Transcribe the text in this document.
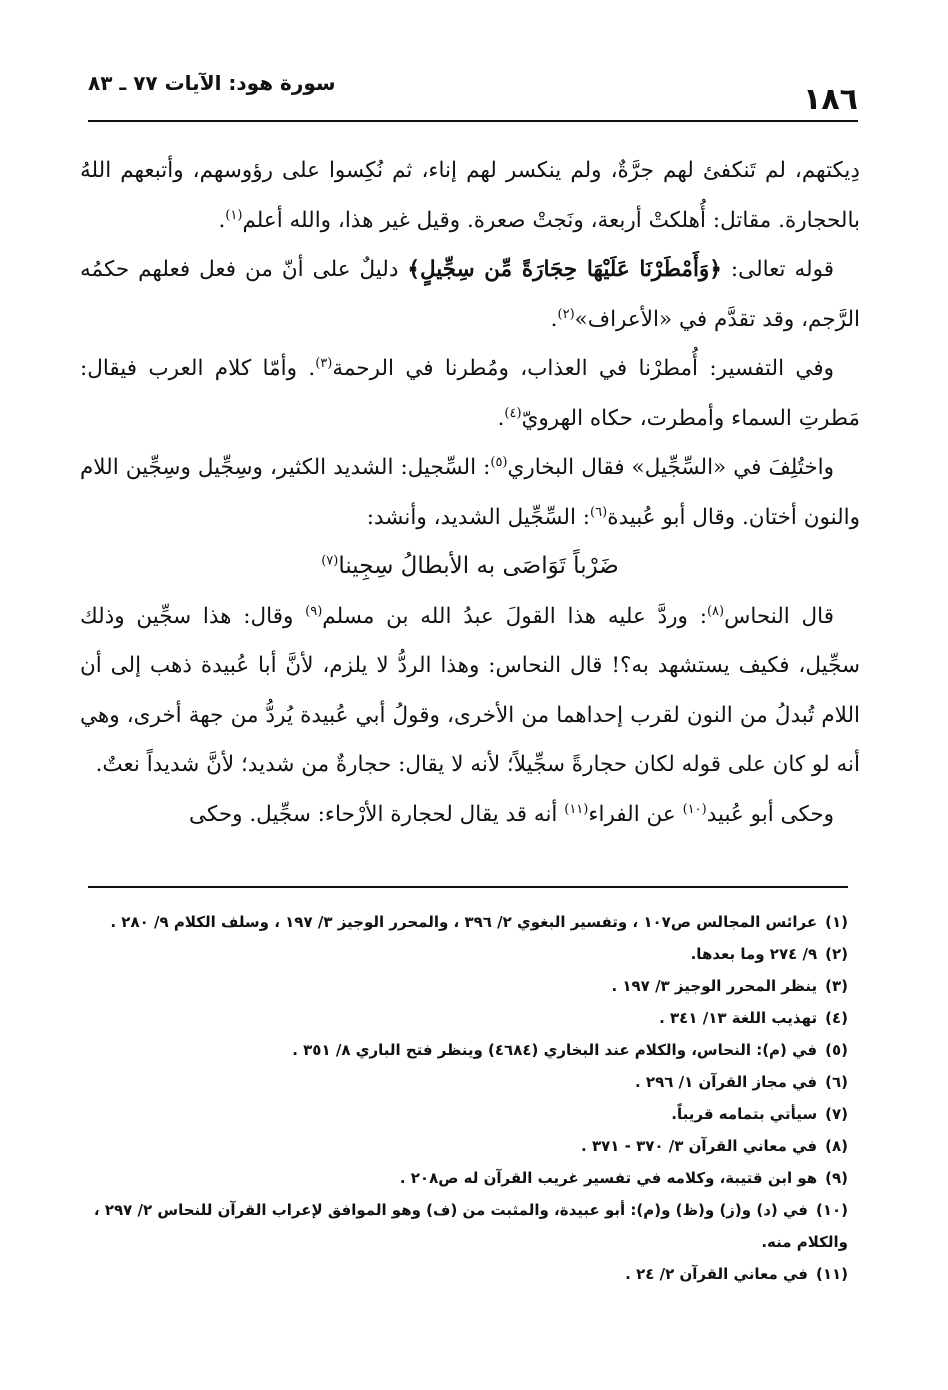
١٨٦
سورة هود: الآيات ٧٧ ـ ٨٣

دِيكتهم، لم تَنكفئ لهم جرَّةٌ، ولم ينكسر لهم إناء، ثم نُكِسوا على رؤوسهم، وأتبعهم اللهُ بالحجارة. مقاتل: أُهلكتْ أربعة، ونَجتْ صعرة. وقيل غير هذا، والله أعلم$^{(١)}$.

قوله تعالى: ﴿وَأَمْطَرْنَا عَلَيْهَا حِجَارَةً مِّن سِجِّيلٍ﴾ دليلٌ على أنّ من فعل فعلهم حكمُه الرَّجم، وقد تقدَّم في «الأعراف»$^{(٢)}$.

وفي التفسير: أُمطرْنا في العذاب، ومُطرنا في الرحمة$^{(٣)}$. وأمّا كلام العرب فيقال: مَطرتِ السماء وأمطرت، حكاه الهرويّ$^{(٤)}$.

واختُلِفَ في «السِّجِّيل» فقال البخاري$^{(٥)}$: السِّجيل: الشديد الكثير، وسِجِّيل وسِجِّين اللام والنون أختان. وقال أبو عُبيدة$^{(٦)}$: السِّجِّيل الشديد، وأنشد:

ضَرْباً تَوَاصَى به الأبطالُ سِجِينا$^{(٧)}$

قال النحاس$^{(٨)}$: وردَّ عليه هذا القولَ عبدُ الله بن مسلم$^{(٩)}$ وقال: هذا سجِّين وذلك سجِّيل، فكيف يستشهد به؟! قال النحاس: وهذا الردُّ لا يلزم، لأنَّ أبا عُبيدة ذهب إلى أن اللام تُبدلُ من النون لقرب إحداهما من الأخرى، وقولُ أبي عُبيدة يُردُّ من جهة أخرى، وهي أنه لو كان على قوله لكان حجارةً سجِّيلاً؛ لأنه لا يقال: حجارةٌ من شديد؛ لأنَّ شديداً نعتٌ.

وحكى أبو عُبيد$^{(١٠)}$ عن الفراء$^{(١١)}$ أنه قد يقال لحجارة الأرْحاء: سجِّيل. وحكى

(١)عرائس المجالس ص١٠٧ ، وتفسير البغوي ٢/ ٣٩٦ ، والمحرر الوجيز ٣/ ١٩٧ ، وسلف الكلام ٩/ ٢٨٠ .

(٢)٩/ ٢٧٤ وما بعدها.

(٣)ينظر المحرر الوجيز ٣/ ١٩٧ .

(٤)تهذيب اللغة ١٣/ ٣٤١ .

(٥)في (م): النحاس، والكلام عند البخاري (٤٦٨٤) وينظر فتح الباري ٨/ ٣٥١ .

(٦)في مجاز القرآن ١/ ٢٩٦ .

(٧)سيأتي بتمامه قريباً.

(٨)في معاني القرآن ٣/ ٣٧٠ - ٣٧١ .

(٩)هو ابن قتيبة، وكلامه في تفسير غريب القرآن له ص٢٠٨ .

(١٠)في (د) و(ز) و(ظ) و(م): أبو عبيدة، والمثبت من (ف) وهو الموافق لإعراب القرآن للنحاس ٢/ ٢٩٧ ، والكلام منه.

(١١)في معاني القرآن ٢/ ٢٤ .
